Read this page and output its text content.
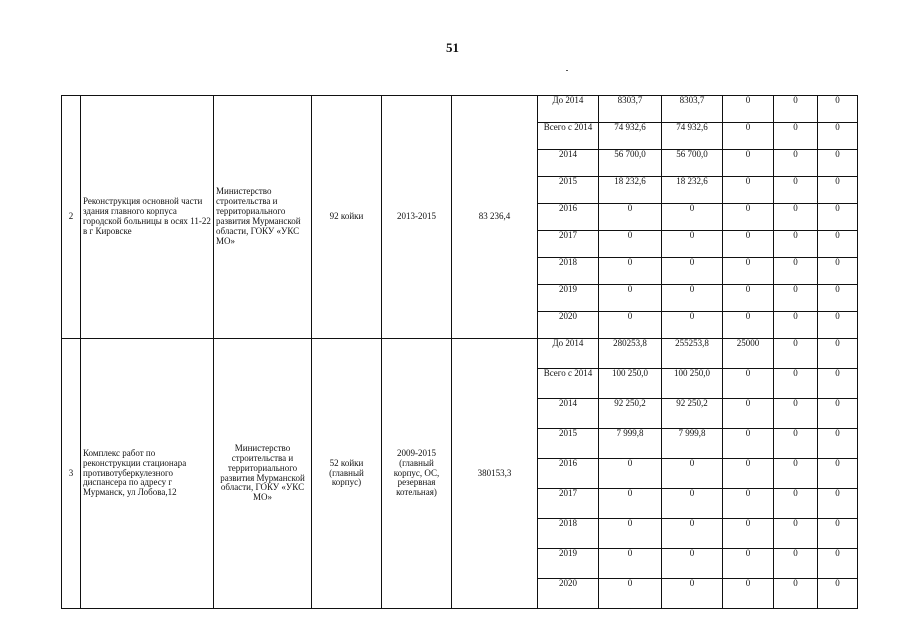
51
2	Реконструкция основной части здания главного корпуса городской больницы в осях 11-22 в г Кировске	Министерство строительства и территориального развития Мурманской области, ГОКУ «УКС МО»	92 койки	2013-2015	83 236,4	До 2014	8303,7	8303,7	0	0	0
						Всего с 2014	74 932,6	74 932,6	0	0	0
						2014	56 700,0	56 700,0	0	0	0
						2015	18 232,6	18 232,6	0	0	0
						2016	0	0	0	0	0
						2017	0	0	0	0	0
						2018	0	0	0	0	0
						2019	0	0	0	0	0
						2020	0	0	0	0	0
3	Комплекс работ по реконструкции стационара противотуберкулезного диспансера по адресу г Мурманск, ул Лобова,12	Министерство строительства и территориального развития Мурманской области, ГОКУ «УКС МО»	52 койки (главный корпус)	2009-2015 (главный корпус, ОС, резервная котельная)	380153,3	До 2014	280253,8	255253,8	25000	0	0
						Всего с 2014	100 250,0	100 250,0	0	0	0
						2014	92 250,2	92 250,2	0	0	0
						2015	7 999,8	7 999,8	0	0	0
						2016	0	0	0	0	0
						2017	0	0	0	0	0
						2018	0	0	0	0	0
						2019	0	0	0	0	0
						2020	0	0	0	0	0
